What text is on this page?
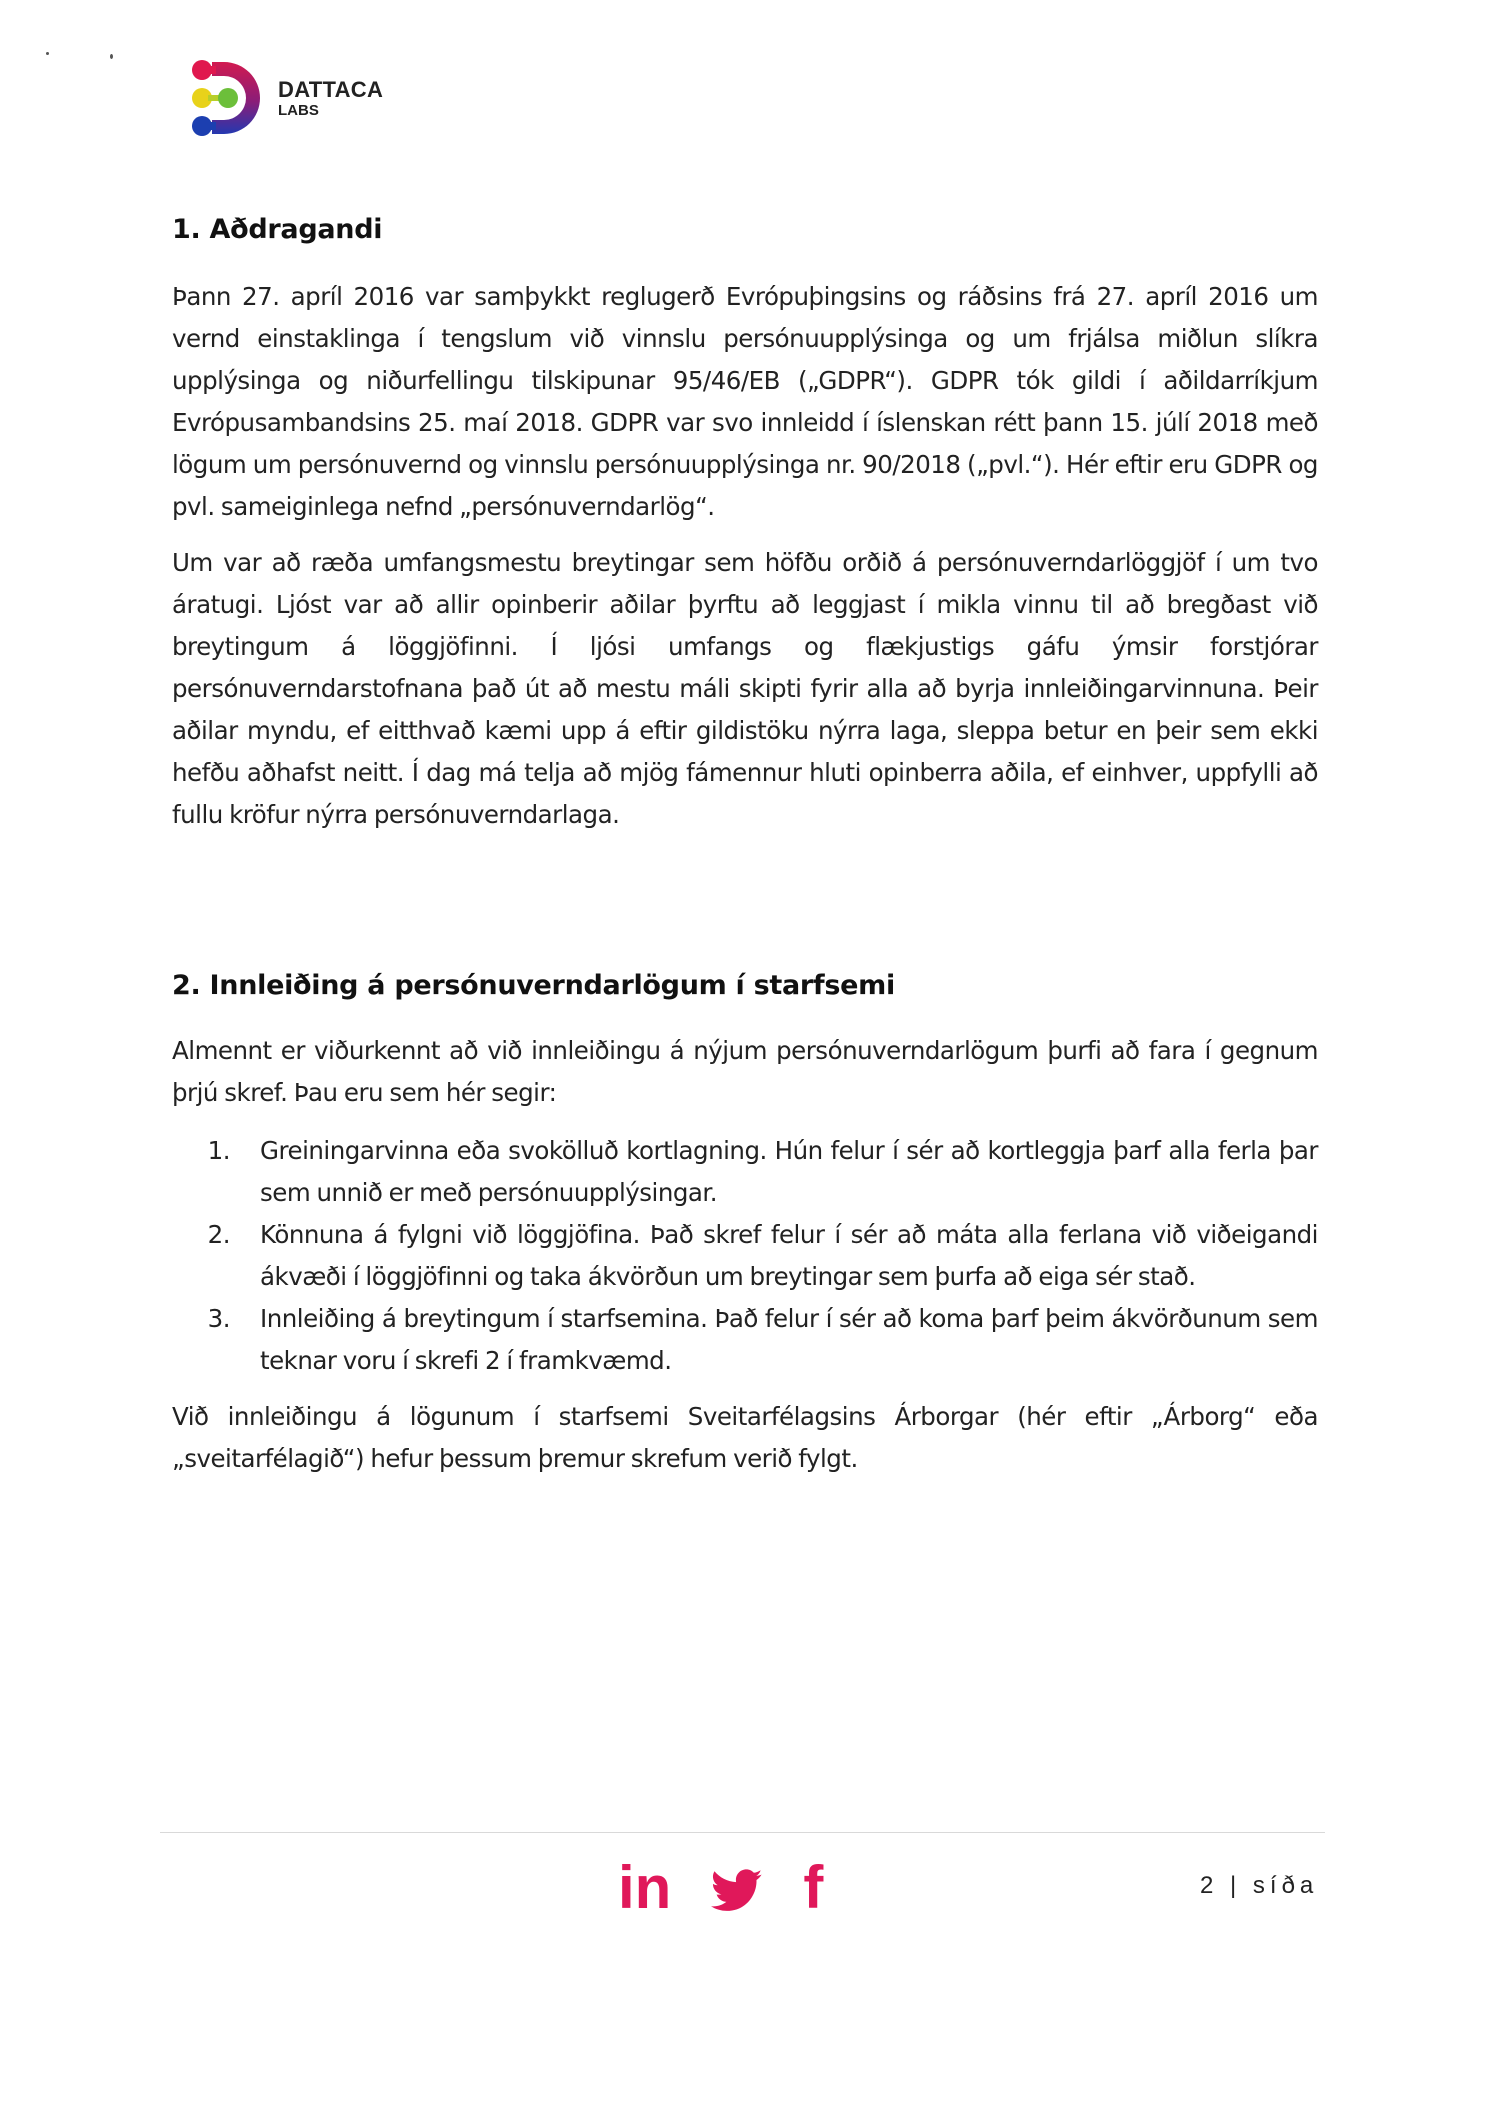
DATTACA
LABS
1. Aðdragandi

Þann 27. apríl 2016 var samþykkt reglugerð Evrópuþingsins og ráðsins frá 27. apríl 2016 um vernd einstaklinga í tengslum við vinnslu persónuupplýsinga og um frjálsa miðlun slíkra upplýsinga og niðurfellingu tilskipunar 95/46/EB („GDPR“). GDPR tók gildi í aðildarríkjum Evrópusambandsins 25. maí 2018. GDPR var svo innleidd í íslenskan rétt þann 15. júlí 2018 með lögum um persónuvernd og vinnslu persónuupplýsinga nr. 90/2018 („pvl.“). Hér eftir eru GDPR og pvl. sameiginlega nefnd „persónuverndarlög“.

Um var að ræða umfangsmestu breytingar sem höfðu orðið á persónuverndarlöggjöf í um tvo áratugi. Ljóst var að allir opinberir aðilar þyrftu að leggjast í mikla vinnu til að bregðast við breytingum á löggjöfinni. Í ljósi umfangs og flækjustigs gáfu ýmsir forstjórar persónuverndarstofnana það út að mestu máli skipti fyrir alla að byrja innleiðingarvinnuna. Þeir aðilar myndu, ef eitthvað kæmi upp á eftir gildistöku nýrra laga, sleppa betur en þeir sem ekki hefðu aðhafst neitt. Í dag má telja að mjög fámennur hluti opinberra aðila, ef einhver, uppfylli að fullu kröfur nýrra persónuverndarlaga.

2. Innleiðing á persónuverndarlögum í starfsemi

Almennt er viðurkennt að við innleiðingu á nýjum persónuverndarlögum þurfi að fara í gegnum þrjú skref. Þau eru sem hér segir:

1.	Greiningarvinna eða svokölluð kortlagning. Hún felur í sér að kortleggja þarf alla ferla þar sem unnið er með persónuupplýsingar.
2.	Könnuna á fylgni við löggjöfina. Það skref felur í sér að máta alla ferlana við viðeigandi ákvæði í löggjöfinni og taka ákvörðun um breytingar sem þurfa að eiga sér stað.
3.	Innleiðing á breytingum í starfsemina. Það felur í sér að koma þarf þeim ákvörðunum sem teknar voru í skrefi 2 í framkvæmd.

Við innleiðingu á lögunum í starfsemi Sveitarfélagsins Árborgar (hér eftir „Árborg“ eða „sveitarfélagið“) hefur þessum þremur skrefum verið fylgt.

in f	2 | síða
